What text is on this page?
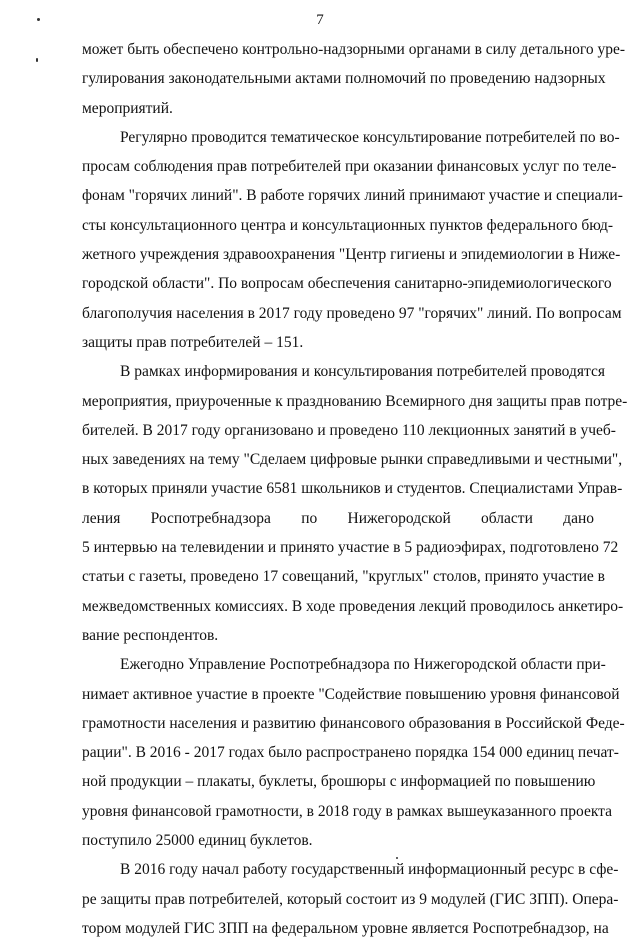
7
может быть обеспечено контрольно-надзорными органами в силу детального уре-
гулирования законодательными актами полномочий по проведению надзорных
мероприятий.
Регулярно проводится тематическое консультирование потребителей по во-
просам соблюдения прав потребителей при оказании финансовых услуг по теле-
фонам "горячих линий". В работе горячих линий принимают участие и специали-
сты консультационного центра и консультационных пунктов федерального бюд-
жетного учреждения здравоохранения "Центр гигиены и эпидемиологии в Ниже-
городской области". По вопросам обеспечения санитарно-эпидемиологического
благополучия населения в 2017 году проведено 97 "горячих" линий. По вопросам
защиты прав потребителей – 151.
В рамках информирования и консультирования потребителей проводятся
мероприятия, приуроченные к празднованию Всемирного дня защиты прав потре-
бителей. В 2017 году организовано и проведено 110 лекционных занятий в учеб-
ных заведениях на тему "Сделаем цифровые рынки справедливыми и честными",
в которых приняли участие 6581 школьников и студентов. Специалистами Управ-
ления Роспотребнадзора по Нижегородской области дано
5 интервью на телевидении и принято участие в 5 радиоэфирах, подготовлено 72
статьи с газеты, проведено 17 совещаний, "круглых" столов, принято участие в
межведомственных комиссиях. В ходе проведения лекций проводилось анкетиро-
вание респондентов.
Ежегодно Управление Роспотребнадзора по Нижегородской области при-
нимает активное участие в проекте "Содействие повышению уровня финансовой
грамотности населения и развитию финансового образования в Российской Феде-
рации". В 2016 - 2017 годах было распространено порядка 154 000 единиц печат-
ной продукции – плакаты, буклеты, брошюры с информацией по повышению
уровня финансовой грамотности, в 2018 году в рамках вышеуказанного проекта
поступило 25000 единиц буклетов.
В 2016 году начал работу государственный информационный ресурс в сфе-
ре защиты прав потребителей, который состоит из 9 модулей (ГИС ЗПП). Опера-
тором модулей ГИС ЗПП на федеральном уровне является Роспотребнадзор, на
